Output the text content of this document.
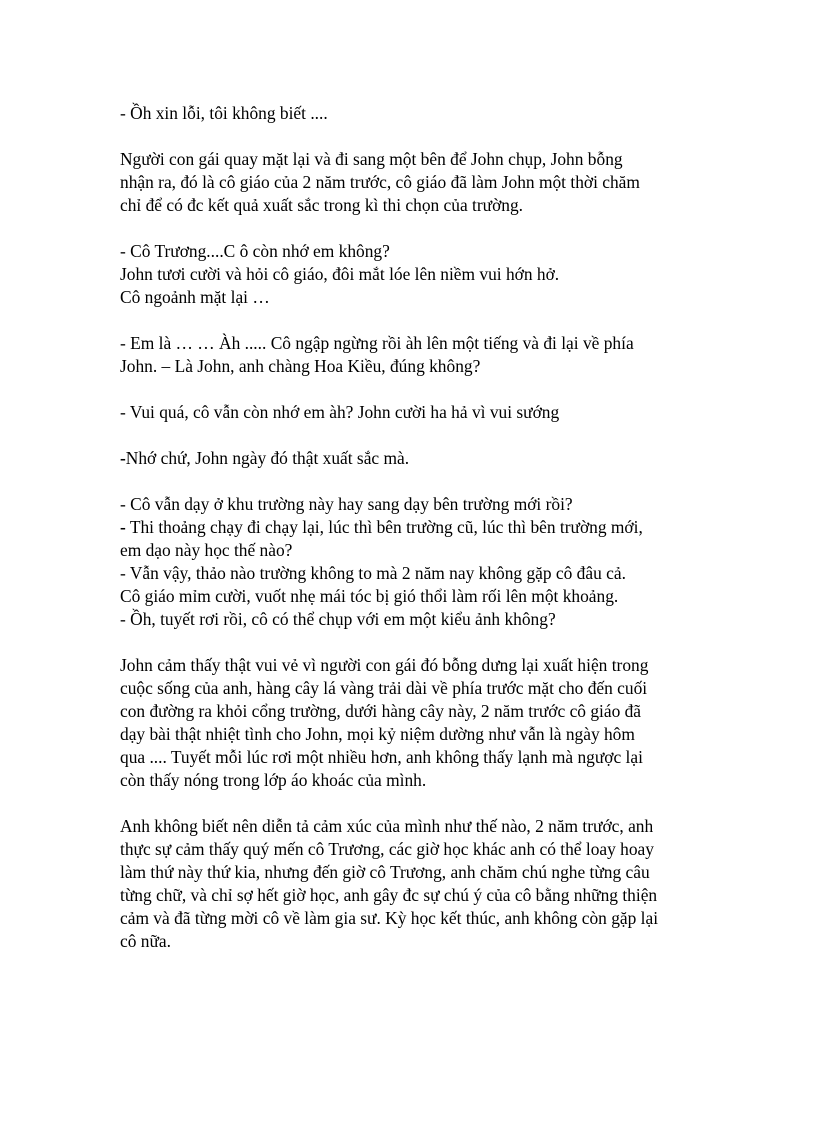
- Ồh xin lỗi, tôi không biết ....

Người con gái quay mặt lại và đi sang một bên để John chụp, John bỗng
nhận ra, đó là cô giáo của 2 năm trước, cô giáo đã làm John một thời chăm
chỉ để có đc kết quả xuất sắc trong kì thi chọn của trường.

- Cô Trương....C ô còn nhớ em không?
John tươi cười và hỏi cô giáo, đôi mắt lóe lên niềm vui hớn hở.
Cô ngoảnh mặt lại …

- Em là … … Àh ..... Cô ngập ngừng rồi àh lên một tiếng và đi lại về phía
John. – Là John, anh chàng Hoa Kiều, đúng không?

- Vui quá, cô vẫn còn nhớ em àh? John cười ha hả vì vui sướng

-Nhớ chứ, John ngày đó thật xuất sắc mà.

- Cô vẫn dạy ở khu trường này hay sang dạy bên trường mới rồi?
- Thi thoảng chạy đi chạy lại, lúc thì bên trường cũ, lúc thì bên trường mới,
em dạo này học thế nào?
- Vẫn vậy, thảo nào trường không to mà 2 năm nay không gặp cô đâu cả.
Cô giáo mỉm cười, vuốt nhẹ mái tóc bị gió thổi làm rối lên một khoảng.
- Ồh, tuyết rơi rồi, cô có thể chụp với em một kiểu ảnh không?

John cảm thấy thật vui vẻ vì người con gái đó bỗng dưng lại xuất hiện trong
cuộc sống của anh, hàng cây lá vàng trải dài về phía trước mặt cho đến cuối
con đường ra khỏi cổng trường, dưới hàng cây này, 2 năm trước cô giáo đã
dạy bài thật nhiệt tình cho John, mọi kỷ niệm dường như vẫn là ngày hôm
qua .... Tuyết mỗi lúc rơi một nhiều hơn, anh không thấy lạnh mà ngược lại
còn thấy nóng trong lớp áo khoác của mình.

Anh không biết nên diễn tả cảm xúc của mình như thế nào, 2 năm trước, anh
thực sự cảm thấy quý mến cô Trương, các giờ học khác anh có thể loay hoay
làm thứ này thứ kia, nhưng đến giờ cô Trương, anh chăm chú nghe từng câu
từng chữ, và chỉ sợ hết giờ học, anh gây đc sự chú ý của cô bằng những thiện
cảm và đã từng mời cô về làm gia sư. Kỳ học kết thúc, anh không còn gặp lại
cô nữa.
